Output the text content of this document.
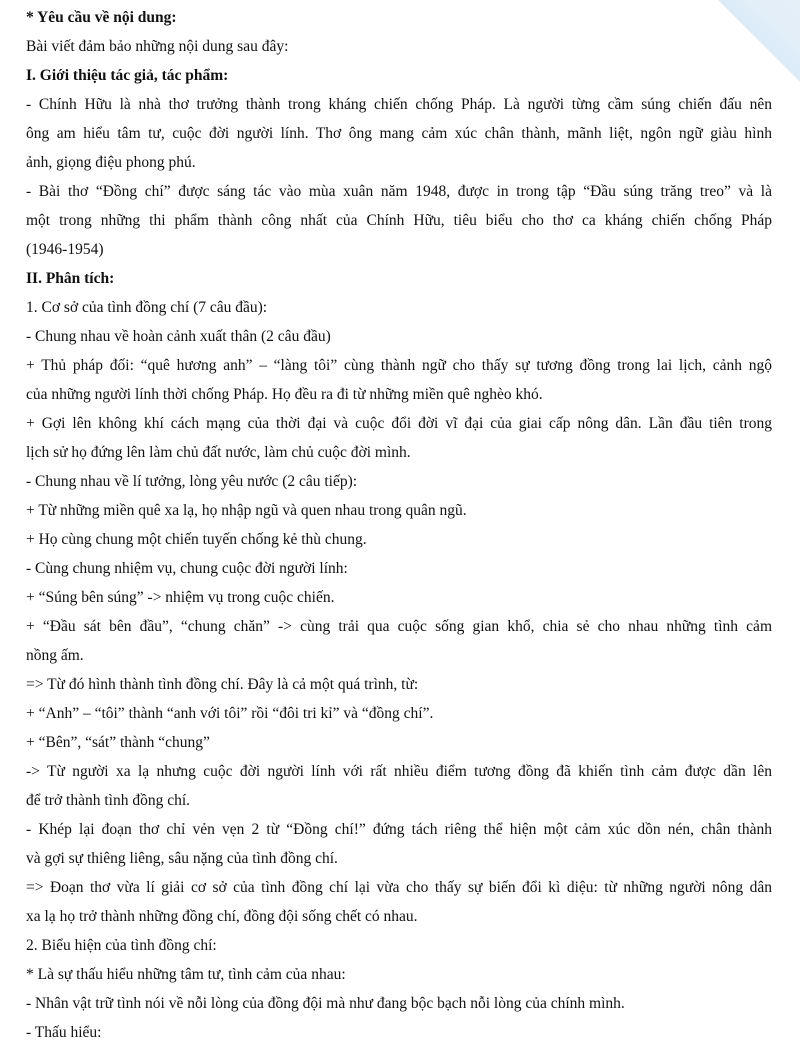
* Yêu cầu về nội dung:
Bài viết đảm bảo những nội dung sau đây:
I. Giới thiệu tác giả, tác phẩm:
- Chính Hữu là nhà thơ trưởng thành trong kháng chiến chống Pháp. Là người từng cầm súng chiến đấu nên
ông am hiểu tâm tư, cuộc đời người lính. Thơ ông mang cảm xúc chân thành, mãnh liệt, ngôn ngữ giàu hình
ảnh, giọng điệu phong phú.
- Bài thơ “Đồng chí” được sáng tác vào mùa xuân năm 1948, được in trong tập “Đầu súng trăng treo” và là
một trong những thi phẩm thành công nhất của Chính Hữu, tiêu biểu cho thơ ca kháng chiến chống Pháp
(1946-1954)
II. Phân tích:
1. Cơ sở của tình đồng chí (7 câu đầu):
- Chung nhau về hoàn cảnh xuất thân (2 câu đầu)
+ Thủ pháp đối: “quê hương anh” – “làng tôi” cùng thành ngữ cho thấy sự tương đồng trong lai lịch, cảnh ngộ
của những người lính thời chống Pháp. Họ đều ra đi từ những miền quê nghèo khó.
+ Gợi lên không khí cách mạng của thời đại và cuộc đổi đời vĩ đại của giai cấp nông dân. Lần đầu tiên trong
lịch sử họ đứng lên làm chủ đất nước, làm chủ cuộc đời mình.
- Chung nhau về lí tưởng, lòng yêu nước (2 câu tiếp):
+ Từ những miền quê xa lạ, họ nhập ngũ và quen nhau trong quân ngũ.
+ Họ cùng chung một chiến tuyến chống kẻ thù chung.
- Cùng chung nhiệm vụ, chung cuộc đời người lính:
+ “Súng bên súng” -> nhiệm vụ trong cuộc chiến.
+ “Đầu sát bên đầu”, “chung chăn” -> cùng trải qua cuộc sống gian khổ, chia sẻ cho nhau những tình cảm
nồng ấm.
=> Từ đó hình thành tình đồng chí. Đây là cả một quá trình, từ:
+ “Anh” – “tôi” thành “anh với tôi” rồi “đôi tri kỉ” và “đồng chí”.
+ “Bên”, “sát” thành “chung”
-> Từ người xa lạ nhưng cuộc đời người lính với rất nhiều điểm tương đồng đã khiến tình cảm được dần lên
để trở thành tình đồng chí.
- Khép lại đoạn thơ chỉ vẻn vẹn 2 từ “Đồng chí!” đứng tách riêng thể hiện một cảm xúc dồn nén, chân thành
và gợi sự thiêng liêng, sâu nặng của tình đồng chí.
=> Đoạn thơ vừa lí giải cơ sở của tình đồng chí lại vừa cho thấy sự biến đổi kì diệu: từ những người nông dân
xa lạ họ trở thành những đồng chí, đồng đội sống chết có nhau.
2. Biểu hiện của tình đồng chí:
* Là sự thấu hiểu những tâm tư, tình cảm của nhau:
- Nhân vật trữ tình nói về nỗi lòng của đồng đội mà như đang bộc bạch nỗi lòng của chính mình.
- Thấu hiểu:
